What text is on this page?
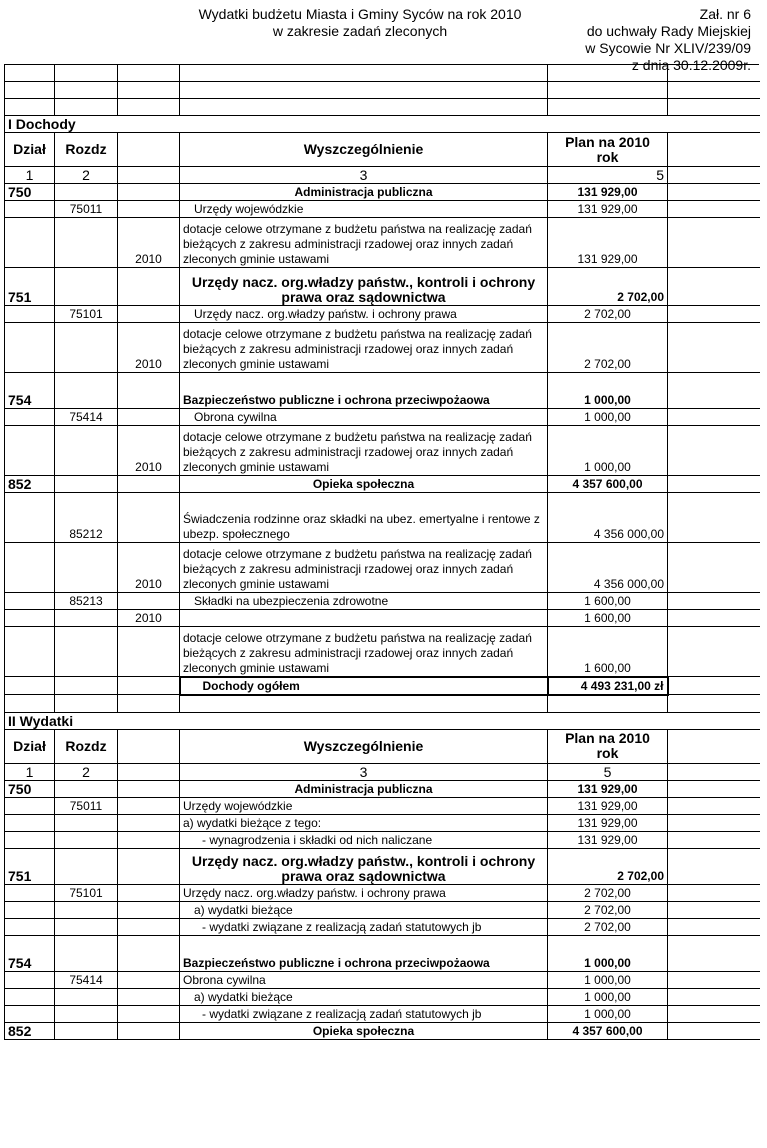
Wydatki budżetu Miasta i Gminy Syców na rok 2010
w zakresie zadań zleconych
Zał. nr 6
do uchwały Rady Miejskiej
w Sycowie Nr XLIV/239/09
z dnia 30.12.2009r.

I Dochody					
Dział	Rozdz		Wyszczególnienie	Plan na 2010
rok	
1	2		3	5	
750			Administracja publiczna	131 929,00	
	75011		Urzędy wojewódzkie	131 929,00	
		2010	dotacje celowe otrzymane z budżetu państwa na realizację zadań bieżących z zakresu administracji rzadowej oraz innych zadań zleconych gminie ustawami	131 929,00	
751			Urzędy nacz. org.władzy państw., kontroli i ochrony prawa oraz sądownictwa	2 702,00	
	75101		Urzędy nacz. org.władzy państw. i ochrony prawa	2 702,00	
		2010	dotacje celowe otrzymane z budżetu państwa na realizację zadań bieżących z zakresu administracji rzadowej oraz innych zadań zleconych gminie ustawami	2 702,00	
754			Bazpieczeństwo publiczne i ochrona przeciwpożaowa	1 000,00	
	75414		Obrona cywilna	1 000,00	
		2010	dotacje celowe otrzymane z budżetu państwa na realizację zadań bieżących z zakresu administracji rzadowej oraz innych zadań zleconych gminie ustawami	1 000,00	
852			Opieka społeczna	4 357 600,00	
	85212		Świadczenia rodzinne oraz składki na ubez. emertyalne i rentowe z ubezp. społecznego	4 356 000,00	
		2010	dotacje celowe otrzymane z budżetu państwa na realizację zadań bieżących z zakresu administracji rzadowej oraz innych zadań zleconych gminie ustawami	4 356 000,00	
	85213		Składki na ubezpieczenia zdrowotne	1 600,00	
		2010		1 600,00	
			dotacje celowe otrzymane z budżetu państwa na realizację zadań bieżących z zakresu administracji rzadowej oraz innych zadań zleconych gminie ustawami	1 600,00	
			Dochody ogółem	4 493 231,00 zł	

II Wydatki					
Dział	Rozdz		Wyszczególnienie	Plan na 2010
rok	
1	2		3	5	
750			Administracja publiczna	131 929,00	
	75011		Urzędy wojewódzkie	131 929,00	
			a) wydatki bieżące z tego:	131 929,00	
			- wynagrodzenia i składki od nich naliczane	131 929,00	
751			Urzędy nacz. org.władzy państw., kontroli i ochrony prawa oraz sądownictwa	2 702,00	
	75101		Urzędy nacz. org.władzy państw. i ochrony prawa	2 702,00	
			a) wydatki bieżące	2 702,00	
			- wydatki związane z realizacją zadań statutowych jb	2 702,00	
754			Bazpieczeństwo publiczne i ochrona przeciwpożaowa	1 000,00	
	75414		Obrona cywilna	1 000,00	
			a) wydatki bieżące	1 000,00	
			- wydatki związane z realizacją zadań statutowych jb	1 000,00	
852			Opieka społeczna	4 357 600,00	
